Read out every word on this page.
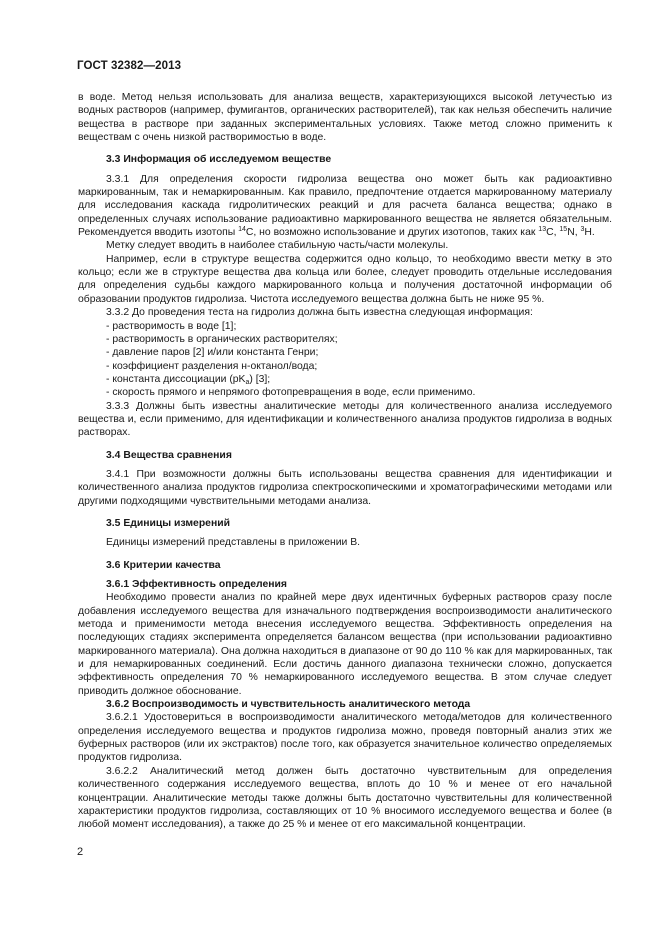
ГОСТ 32382—2013

в воде. Метод нельзя использовать для анализа веществ, характеризующихся высокой летучестью из водных растворов (например, фумигантов, органических растворителей), так как нельзя обеспечить наличие вещества в растворе при заданных экспериментальных условиях. Также метод сложно применить к веществам с очень низкой растворимостью в воде.

3.3 Информация об исследуемом веществе

3.3.1 Для определения скорости гидролиза вещества оно может быть как радиоактивно маркированным, так и немаркированным. Как правило, предпочтение отдается маркированному материалу для исследования каскада гидролитических реакций и для расчета баланса вещества; однако в определенных случаях использование радиоактивно маркированного вещества не является обязательным. Рекомендуется вводить изотопы $^{14}$C, но возможно использование и других изотопов, таких как $^{13}$C, $^{15}$N, $^3$H.

Метку следует вводить в наиболее стабильную часть/части молекулы.

Например, если в структуре вещества содержится одно кольцо, то необходимо ввести метку в это кольцо; если же в структуре вещества два кольца или более, следует проводить отдельные исследования для определения судьбы каждого маркированного кольца и получения достаточной информации об образовании продуктов гидролиза. Чистота исследуемого вещества должна быть не ниже 95 %.

3.3.2 До проведения теста на гидролиз должна быть известна следующая информация:

- растворимость в воде [1];

- растворимость в органических растворителях;

- давление паров [2] и/или константа Генри;

- коэффициент разделения н-октанол/вода;

- константа диссоциации $(pK_a)$ [3];

- скорость прямого и непрямого фотопревращения в воде, если применимо.

3.3.3 Должны быть известны аналитические методы для количественного анализа исследуемого вещества и, если применимо, для идентификации и количественного анализа продуктов гидролиза в водных растворах.

3.4 Вещества сравнения

3.4.1 При возможности должны быть использованы вещества сравнения для идентификации и количественного анализа продуктов гидролиза спектроскопическими и хроматографическими методами или другими подходящими чувствительными методами анализа.

3.5 Единицы измерений

Единицы измерений представлены в приложении В.

3.6 Критерии качества

3.6.1 Эффективность определения

Необходимо провести анализ по крайней мере двух идентичных буферных растворов сразу после добавления исследуемого вещества для изначального подтверждения воспроизводимости аналитического метода и применимости метода внесения исследуемого вещества. Эффективность определения на последующих стадиях эксперимента определяется балансом вещества (при использовании радиоактивно маркированного материала). Она должна находиться в диапазоне от 90 до 110 % как для маркированных, так и для немаркированных соединений. Если достичь данного диапазона технически сложно, допускается эффективность определения 70 % немаркированного исследуемого вещества. В этом случае следует приводить должное обоснование.

3.6.2 Воспроизводимость и чувствительность аналитического метода

3.6.2.1 Удостовериться в воспроизводимости аналитического метода/методов для количественного определения исследуемого вещества и продуктов гидролиза можно, проведя повторный анализ этих же буферных растворов (или их экстрактов) после того, как образуется значительное количество определяемых продуктов гидролиза.

3.6.2.2 Аналитический метод должен быть достаточно чувствительным для определения количественного содержания исследуемого вещества, вплоть до 10 % и менее от его начальной концентрации. Аналитические методы также должны быть достаточно чувствительны для количественной характеристики продуктов гидролиза, составляющих от 10 % вносимого исследуемого вещества и более (в любой момент исследования), а также до 25 % и менее от его максимальной концентрации.

2
